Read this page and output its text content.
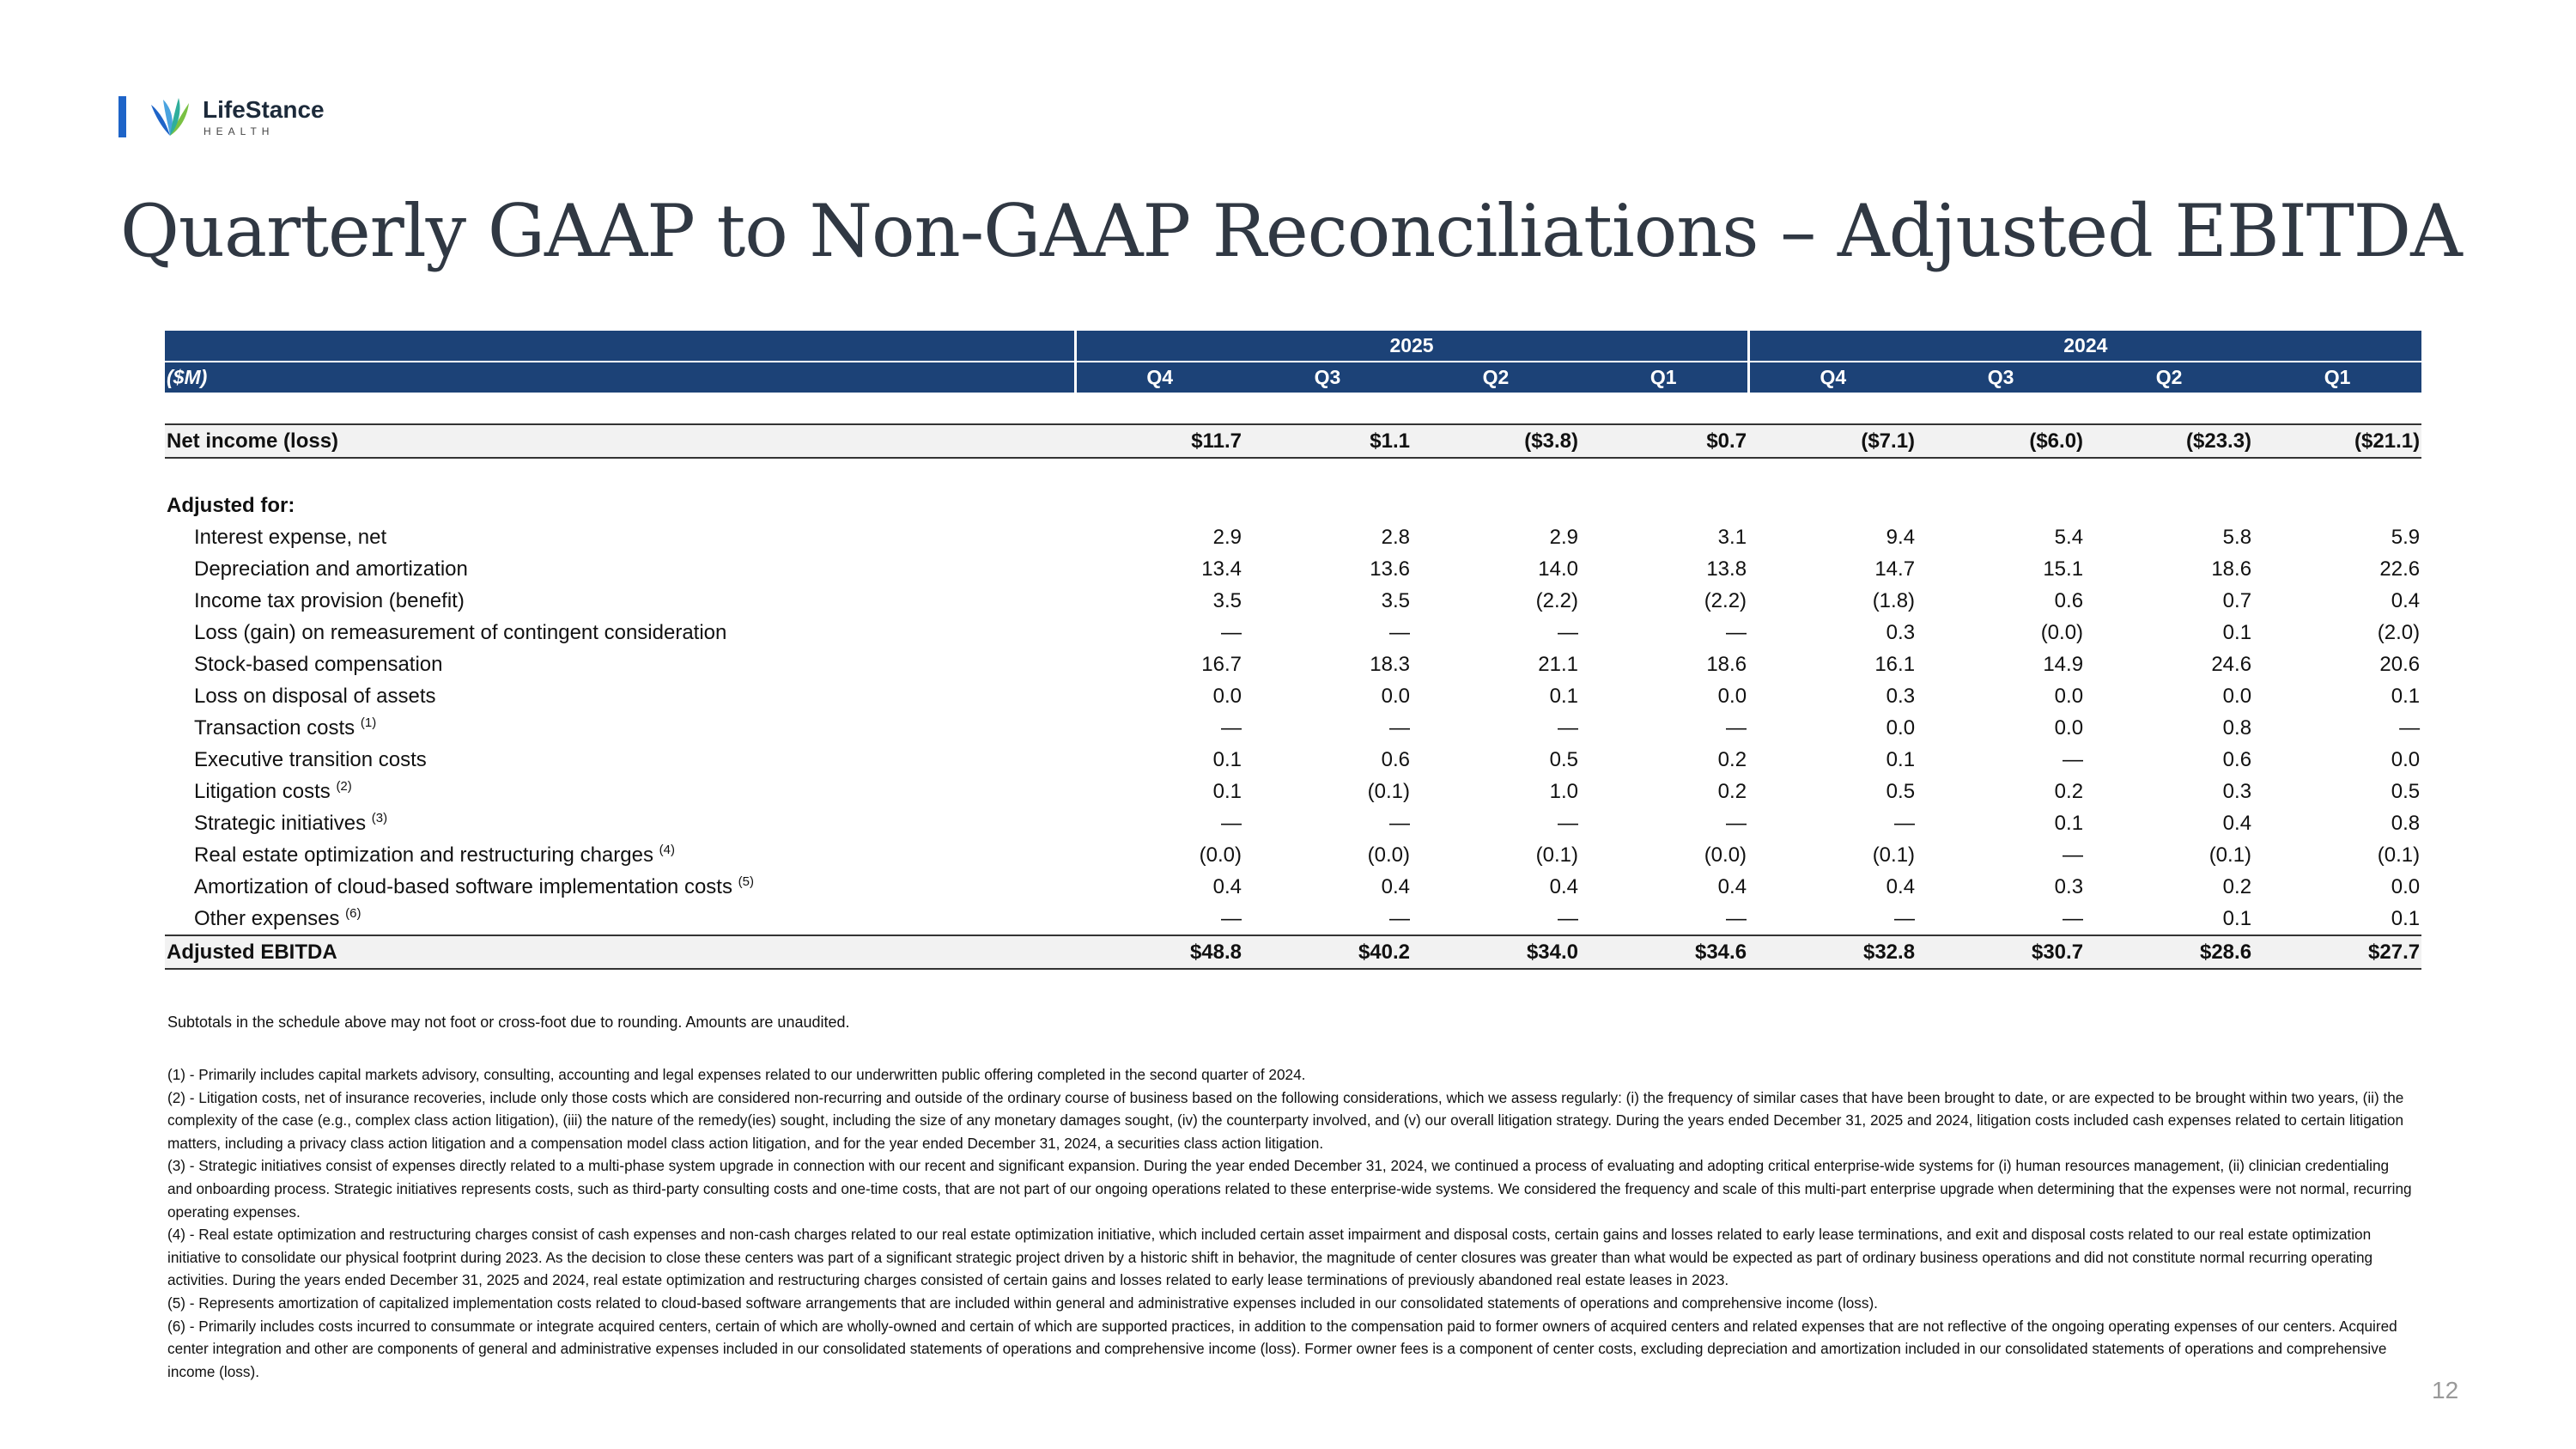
LifeStance
HEALTH
Quarterly GAAP to Non-GAAP Reconciliations – Adjusted EBITDA
	2025				2024			
($M)	Q4	Q3	Q2	Q1	Q4	Q3	Q2	Q1

Net income (loss)	$11.7	$1.1	($3.8)	$0.7	($7.1)	($6.0)	($23.3)	($21.1)

Adjusted for:								
Interest expense, net	2.9	2.8	2.9	3.1	9.4	5.4	5.8	5.9
Depreciation and amortization	13.4	13.6	14.0	13.8	14.7	15.1	18.6	22.6
Income tax provision (benefit)	3.5	3.5	(2.2)	(2.2)	(1.8)	0.6	0.7	0.4
Loss (gain) on remeasurement of contingent consideration	—	—	—	—	0.3	(0.0)	0.1	(2.0)
Stock-based compensation	16.7	18.3	21.1	18.6	16.1	14.9	24.6	20.6
Loss on disposal of assets	0.0	0.0	0.1	0.0	0.3	0.0	0.0	0.1
Transaction costs $^{(1)}$	—	—	—	—	0.0	0.0	0.8	—
Executive transition costs	0.1	0.6	0.5	0.2	0.1	—	0.6	0.0
Litigation costs $^{(2)}$	0.1	(0.1)	1.0	0.2	0.5	0.2	0.3	0.5
Strategic initiatives $^{(3)}$	—	—	—	—	—	0.1	0.4	0.8
Real estate optimization and restructuring charges $^{(4)}$	(0.0)	(0.0)	(0.1)	(0.0)	(0.1)	—	(0.1)	(0.1)
Amortization of cloud-based software implementation costs $^{(5)}$	0.4	0.4	0.4	0.4	0.4	0.3	0.2	0.0
Other expenses $^{(6)}$	—	—	—	—	—	—	0.1	0.1
Adjusted EBITDA	$48.8	$40.2	$34.0	$34.6	$32.8	$30.7	$28.6	$27.7
Subtotals in the schedule above may not foot or cross-foot due to rounding. Amounts are unaudited.

(1) - Primarily includes capital markets advisory, consulting, accounting and legal expenses related to our underwritten public offering completed in the second quarter of 2024.

(2) - Litigation costs, net of insurance recoveries, include only those costs which are considered non-recurring and outside of the ordinary course of business based on the following considerations, which we assess regularly: (i) the frequency of similar cases that have been brought to date, or are expected to be brought within two years, (ii) the complexity of the case (e.g., complex class action litigation), (iii) the nature of the remedy(ies) sought, including the size of any monetary damages sought, (iv) the counterparty involved, and (v) our overall litigation strategy. During the years ended December 31, 2025 and 2024, litigation costs included cash expenses related to certain litigation matters, including a privacy class action litigation and a compensation model class action litigation, and for the year ended December 31, 2024, a securities class action litigation.

(3) - Strategic initiatives consist of expenses directly related to a multi-phase system upgrade in connection with our recent and significant expansion. During the year ended December 31, 2024, we continued a process of evaluating and adopting critical enterprise-wide systems for (i) human resources management, (ii) clinician credentialing and onboarding process. Strategic initiatives represents costs, such as third-party consulting costs and one-time costs, that are not part of our ongoing operations related to these enterprise-wide systems. We considered the frequency and scale of this multi-part enterprise upgrade when determining that the expenses were not normal, recurring operating expenses.

(4) - Real estate optimization and restructuring charges consist of cash expenses and non-cash charges related to our real estate optimization initiative, which included certain asset impairment and disposal costs, certain gains and losses related to early lease terminations, and exit and disposal costs related to our real estate optimization initiative to consolidate our physical footprint during 2023. As the decision to close these centers was part of a significant strategic project driven by a historic shift in behavior, the magnitude of center closures was greater than what would be expected as part of ordinary business operations and did not constitute normal recurring operating activities. During the years ended December 31, 2025 and 2024, real estate optimization and restructuring charges consisted of certain gains and losses related to early lease terminations of previously abandoned real estate leases in 2023.

(5) - Represents amortization of capitalized implementation costs related to cloud-based software arrangements that are included within general and administrative expenses included in our consolidated statements of operations and comprehensive income (loss).

(6) - Primarily includes costs incurred to consummate or integrate acquired centers, certain of which are wholly-owned and certain of which are supported practices, in addition to the compensation paid to former owners of acquired centers and related expenses that are not reflective of the ongoing operating expenses of our centers. Acquired center integration and other are components of general and administrative expenses included in our consolidated statements of operations and comprehensive income (loss). Former owner fees is a component of center costs, excluding depreciation and amortization included in our consolidated statements of operations and comprehensive income (loss).

12
